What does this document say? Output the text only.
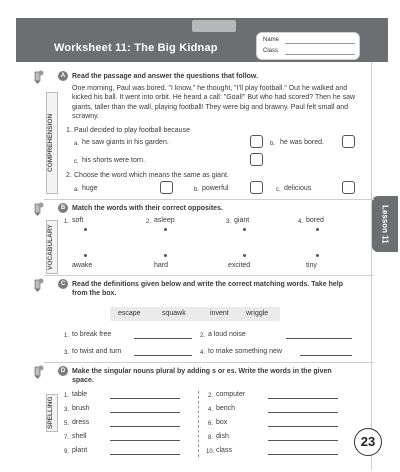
Worksheet 11: The Big Kidnap
Name
Class
Lesson 11
A Read the passage and answer the questions that follow.
COMPREHENSION
One morning, Paul was bored. "I know," he thought, "I'll play football." Out he walked and kicked his ball. It went into orbit. He heard a call: "Goal!" But who had scored? Then he saw giants, taller than the wall, playing football! They were big and brawny. Paul felt small and scrawny.
1. Paul decided to play football because
a. he saw giants in his garden.	b. he was bored.
c. his shorts were torn.
2. Choose the word which means the same as giant.
a. huge	b. powerful	c. delicious
B Match the words with their correct opposites.
VOCABULARY
1. soft	2. asleep	3. giant	4. bored
awake	hard	excited	tiny
C Read the definitions given below and write the correct matching words. Take help from the box.
escape	squawk	invent wriggle
1. to break free	2. a loud noise
3. to twist and turn	4. to make something new
D Make the singular nouns plural by adding s or es. Write the words in the given space.
SPELLING
1. table
3. brush
5. dress
7. shell
9. plant
2. computer
4. bench
6. box
8. dish
10. class
23
